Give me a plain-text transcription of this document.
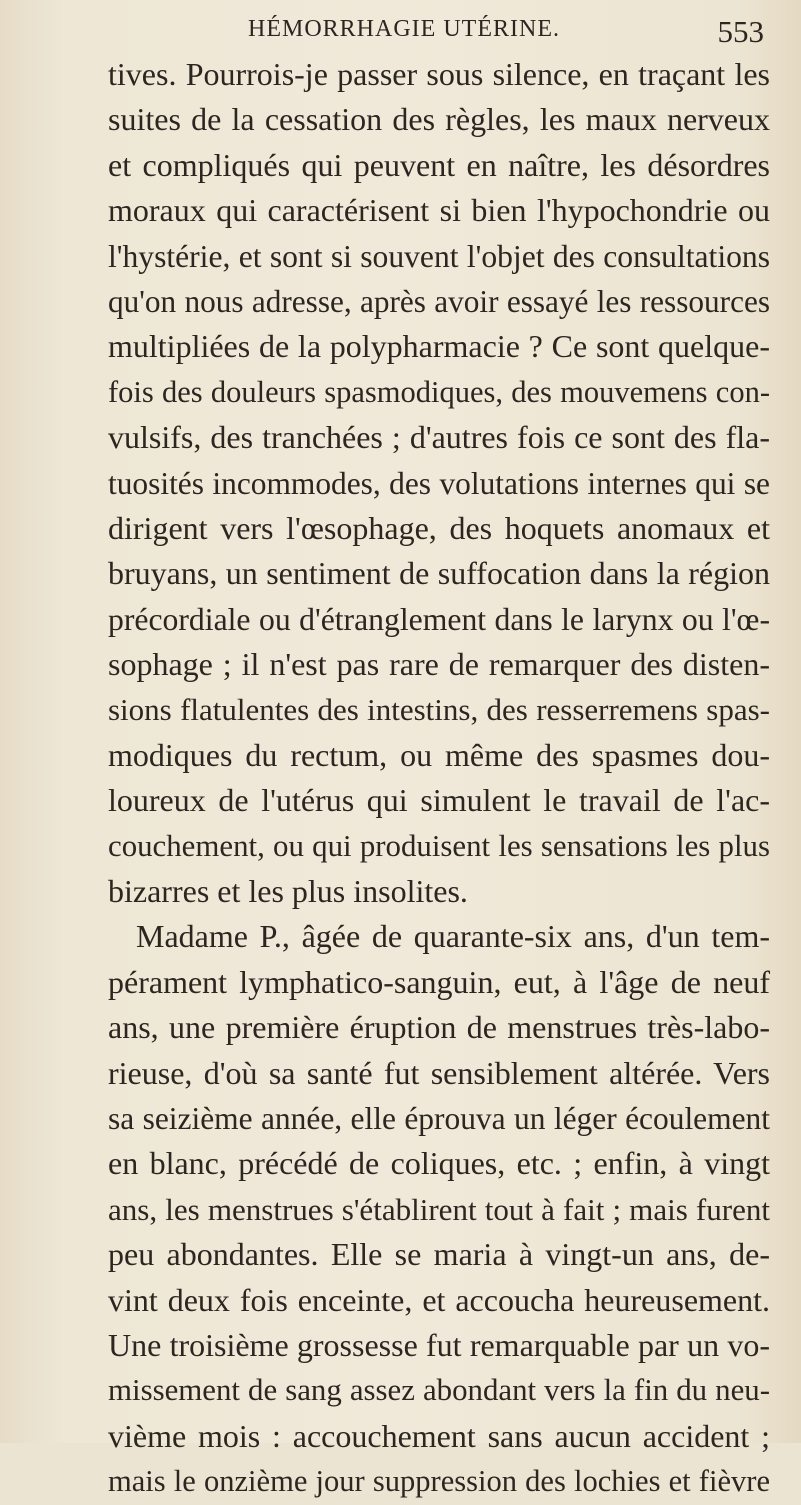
HÉMORRHAGIE UTÉRINE.	553
tives. Pourrois-je passer sous silence, en traçant les
suites de la cessation des règles, les maux nerveux
et compliqués qui peuvent en naître, les désordres
moraux qui caractérisent si bien l'hypochondrie ou
l'hystérie, et sont si souvent l'objet des consultations
qu'on nous adresse, après avoir essayé les ressources
multipliées de la polypharmacie ? Ce sont quelque-
fois des douleurs spasmodiques, des mouvemens con-
vulsifs, des tranchées ; d'autres fois ce sont des fla-
tuosités incommodes, des volutations internes qui se
dirigent vers l'œsophage, des hoquets anomaux et
bruyans, un sentiment de suffocation dans la région
précordiale ou d'étranglement dans le larynx ou l'œ-
sophage ; il n'est pas rare de remarquer des disten-
sions flatulentes des intestins, des resserremens spas-
modiques du rectum, ou même des spasmes dou-
loureux de l'utérus qui simulent le travail de l'ac-
couchement, ou qui produisent les sensations les plus
bizarres et les plus insolites.
Madame P., âgée de quarante-six ans, d'un tem-
pérament lymphatico-sanguin, eut, à l'âge de neuf
ans, une première éruption de menstrues très-labo-
rieuse, d'où sa santé fut sensiblement altérée. Vers
sa seizième année, elle éprouva un léger écoulement
en blanc, précédé de coliques, etc. ; enfin, à vingt
ans, les menstrues s'établirent tout à fait ; mais furent
peu abondantes. Elle se maria à vingt-un ans, de-
vint deux fois enceinte, et accoucha heureusement.
Une troisième grossesse fut remarquable par un vo-
missement de sang assez abondant vers la fin du neu-
vième mois : accouchement sans aucun accident ;
mais le onzième jour suppression des lochies et fièvre
